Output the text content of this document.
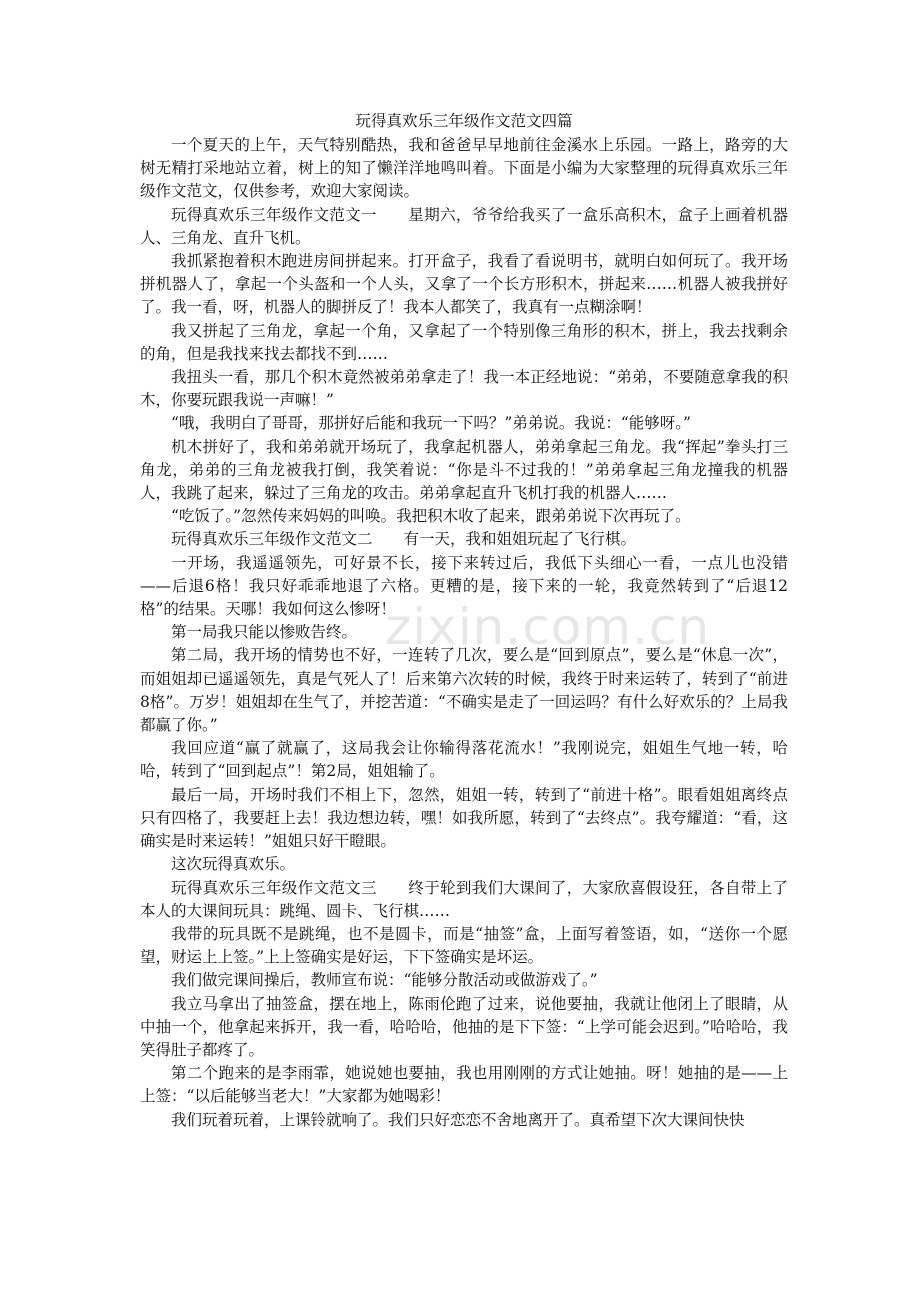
玩得真欢乐三年级作文范文四篇

一个夏天的上午，天气特别酷热，我和爸爸早早地前往金溪水上乐园。一路上，路旁的大树无精打采地站立着，树上的知了懒洋洋地鸣叫着。下面是小编为大家整理的玩得真欢乐三年级作文范文，仅供参考，欢迎大家阅读。

玩得真欢乐三年级作文范文一　　星期六，爷爷给我买了一盒乐高积木，盒子上画着机器人、三角龙、直升飞机。

我抓紧抱着积木跑进房间拼起来。打开盒子，我看了看说明书，就明白如何玩了。我开场拼机器人了，拿起一个头盔和一个人头，又拿了一个长方形积木，拼起来……机器人被我拼好了。我一看，呀，机器人的脚拼反了！我本人都笑了，我真有一点糊涂啊！

我又拼起了三角龙，拿起一个角，又拿起了一个特别像三角形的积木，拼上，我去找剩余的角，但是我找来找去都找不到……

我扭头一看，那几个积木竟然被弟弟拿走了！我一本正经地说：“弟弟，不要随意拿我的积木，你要玩跟我说一声嘛！”

“哦，我明白了哥哥，那拼好后能和我玩一下吗？”弟弟说。我说：“能够呀。”

机木拼好了，我和弟弟就开场玩了，我拿起机器人，弟弟拿起三角龙。我“挥起”拳头打三角龙，弟弟的三角龙被我打倒，我笑着说：“你是斗不过我的！”弟弟拿起三角龙撞我的机器人，我跳了起来，躲过了三角龙的攻击。弟弟拿起直升飞机打我的机器人……

“吃饭了。”忽然传来妈妈的叫唤。我把积木收了起来，跟弟弟说下次再玩了。

玩得真欢乐三年级作文范文二　　有一天，我和姐姐玩起了飞行棋。

一开场，我遥遥领先，可好景不长，接下来转过后，我低下头细心一看，一点儿也没错——后退6格！我只好乖乖地退了六格。更糟的是，接下来的一轮，我竟然转到了“后退12格”的结果。天哪！我如何这么惨呀！

第一局我只能以惨败告终。

第二局，我开场的情势也不好，一连转了几次，要么是“回到原点”，要么是“休息一次”，而姐姐却已遥遥领先，真是气死人了！后来第六次转的时候，我终于时来运转了，转到了“前进8格”。万岁！姐姐却在生气了，并挖苦道：“不确实是走了一回运吗？有什么好欢乐的？上局我都赢了你。”

我回应道“赢了就赢了，这局我会让你输得落花流水！”我刚说完，姐姐生气地一转，哈哈，转到了“回到起点”！第2局，姐姐输了。

最后一局，开场时我们不相上下，忽然，姐姐一转，转到了“前进十格”。眼看姐姐离终点只有四格了，我要赶上去！我边想边转，嘿！如我所愿，转到了“去终点”。我夸耀道：“看，这确实是时来运转！”姐姐只好干瞪眼。

这次玩得真欢乐。

玩得真欢乐三年级作文范文三　　终于轮到我们大课间了，大家欣喜假设狂，各自带上了本人的大课间玩具：跳绳、圆卡、飞行棋……

我带的玩具既不是跳绳，也不是圆卡，而是“抽签”盒，上面写着签语，如，“送你一个愿望，财运上上签。”上上签确实是好运，下下签确实是坏运。

我们做完课间操后，教师宣布说：“能够分散活动或做游戏了。”

我立马拿出了抽签盒，摆在地上，陈雨伦跑了过来，说他要抽，我就让他闭上了眼睛，从中抽一个，他拿起来拆开，我一看，哈哈哈，他抽的是下下签：“上学可能会迟到。”哈哈哈，我笑得肚子都疼了。

第二个跑来的是李雨霏，她说她也要抽，我也用刚刚的方式让她抽。呀！她抽的是——上上签：“以后能够当老大！”大家都为她喝彩！

我们玩着玩着，上课铃就响了。我们只好恋恋不舍地离开了。真希望下次大课间快快

zixin.com.cn
